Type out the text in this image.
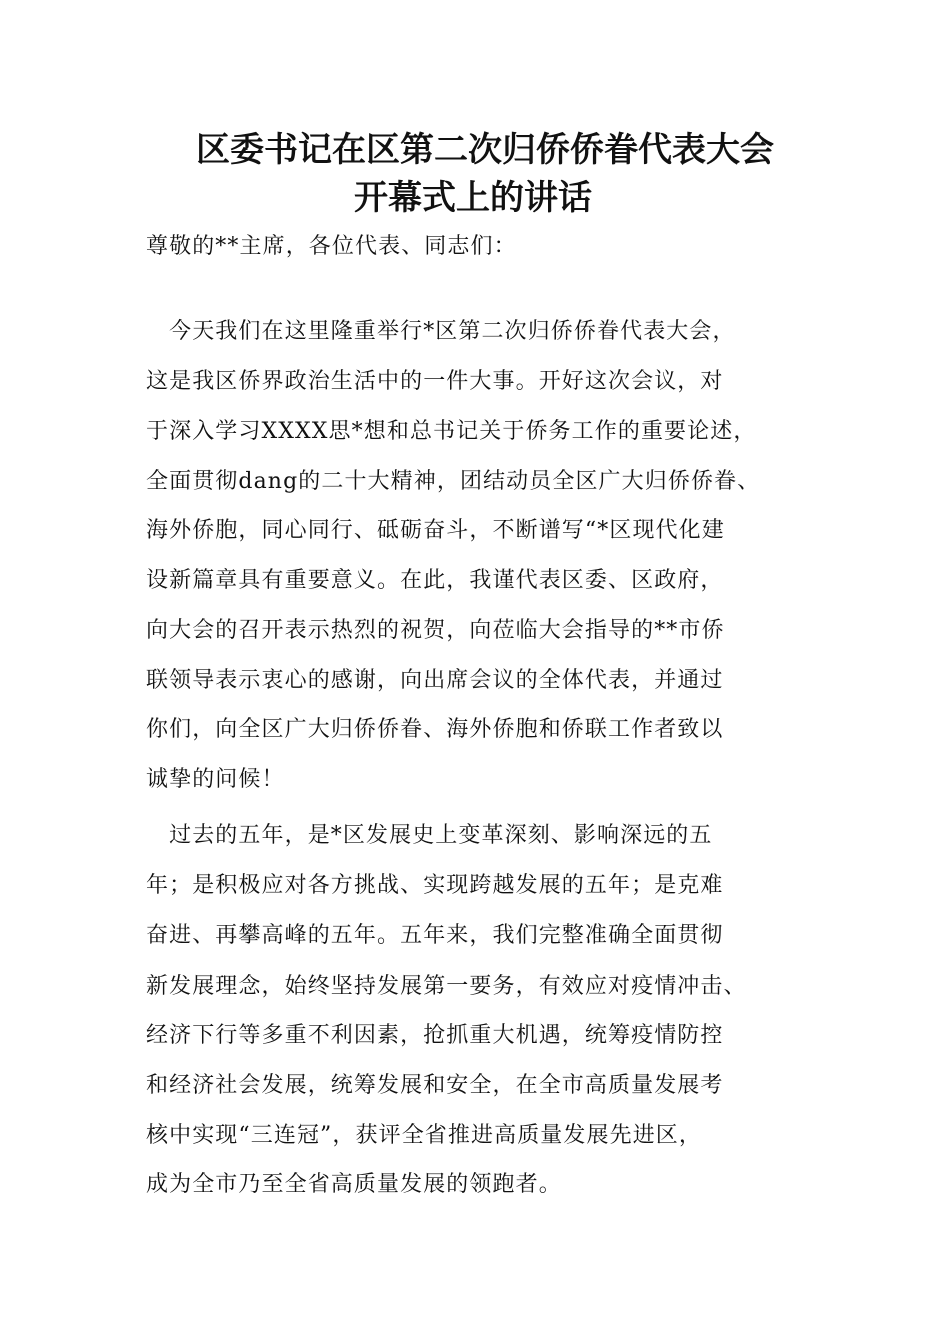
区委书记在区第二次归侨侨眷代表大会
开幕式上的讲话
尊敬的**主席，各位代表、同志们：
　今天我们在这里隆重举行*区第二次归侨侨眷代表大会，
这是我区侨界政治生活中的一件大事。开好这次会议，对
于深入学习XXXX思*想和总书记关于侨务工作的重要论述，
全面贯彻dang的二十大精神，团结动员全区广大归侨侨眷、
海外侨胞，同心同行、砥砺奋斗，不断谱写“*区现代化建
设新篇章具有重要意义。在此，我谨代表区委、区政府，
向大会的召开表示热烈的祝贺，向莅临大会指导的**市侨
联领导表示衷心的感谢，向出席会议的全体代表，并通过
你们，向全区广大归侨侨眷、海外侨胞和侨联工作者致以
诚挚的问候！
　过去的五年，是*区发展史上变革深刻、影响深远的五
年；是积极应对各方挑战、实现跨越发展的五年；是克难
奋进、再攀高峰的五年。五年来，我们完整准确全面贯彻
新发展理念，始终坚持发展第一要务，有效应对疫情冲击、
经济下行等多重不利因素，抢抓重大机遇，统筹疫情防控
和经济社会发展，统筹发展和安全，在全市高质量发展考
核中实现“三连冠”，获评全省推进高质量发展先进区，
成为全市乃至全省高质量发展的领跑者。
